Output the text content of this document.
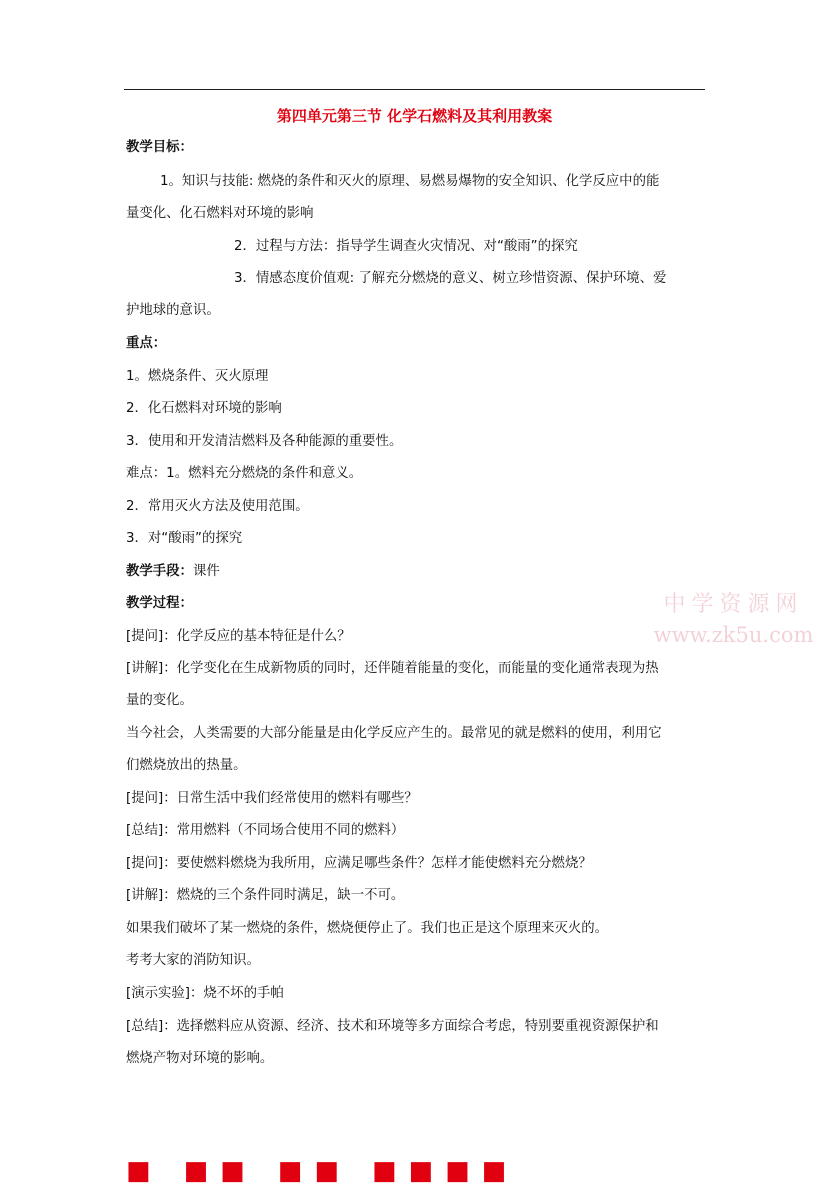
第四单元第三节 化学石燃料及其利用教案
教学目标：
1。知识与技能: 燃烧的条件和灭火的原理、易燃易爆物的安全知识、化学反应中的能
量变化、化石燃料对环境的影响
2．过程与方法：指导学生调查火灾情况、对“酸雨”的探究
3．情感态度价值观: 了解充分燃烧的意义、树立珍惜资源、保护环境、爱
护地球的意识。
重点：
1。燃烧条件、灭火原理
2．化石燃料对环境的影响
3．使用和开发清洁燃料及各种能源的重要性。
难点：1。燃料充分燃烧的条件和意义。
2．常用灭火方法及使用范围。
3．对“酸雨”的探究
教学手段：课件
教学过程：
[提问]：化学反应的基本特征是什么？
[讲解]：化学变化在生成新物质的同时，还伴随着能量的变化，而能量的变化通常表现为热
量的变化。
当今社会，人类需要的大部分能量是由化学反应产生的。最常见的就是燃料的使用，利用它
们燃烧放出的热量。
[提问]：日常生活中我们经常使用的燃料有哪些？
[总结]：常用燃料（不同场合使用不同的燃料）
[提问]：要使燃料燃烧为我所用，应满足哪些条件？怎样才能使燃料充分燃烧？
[讲解]：燃烧的三个条件同时满足，缺一不可。
如果我们破坏了某一燃烧的条件，燃烧便停止了。我们也正是这个原理来灭火的。
考考大家的消防知识。
[演示实验]：烧不坏的手帕
[总结]：选择燃料应从资源、经济、技术和环境等多方面综合考虑，特别要重视资源保护和
燃烧产物对环境的影响。
中学资源网
www.zk5u.com
■ ■■ ■■ ■■■■
